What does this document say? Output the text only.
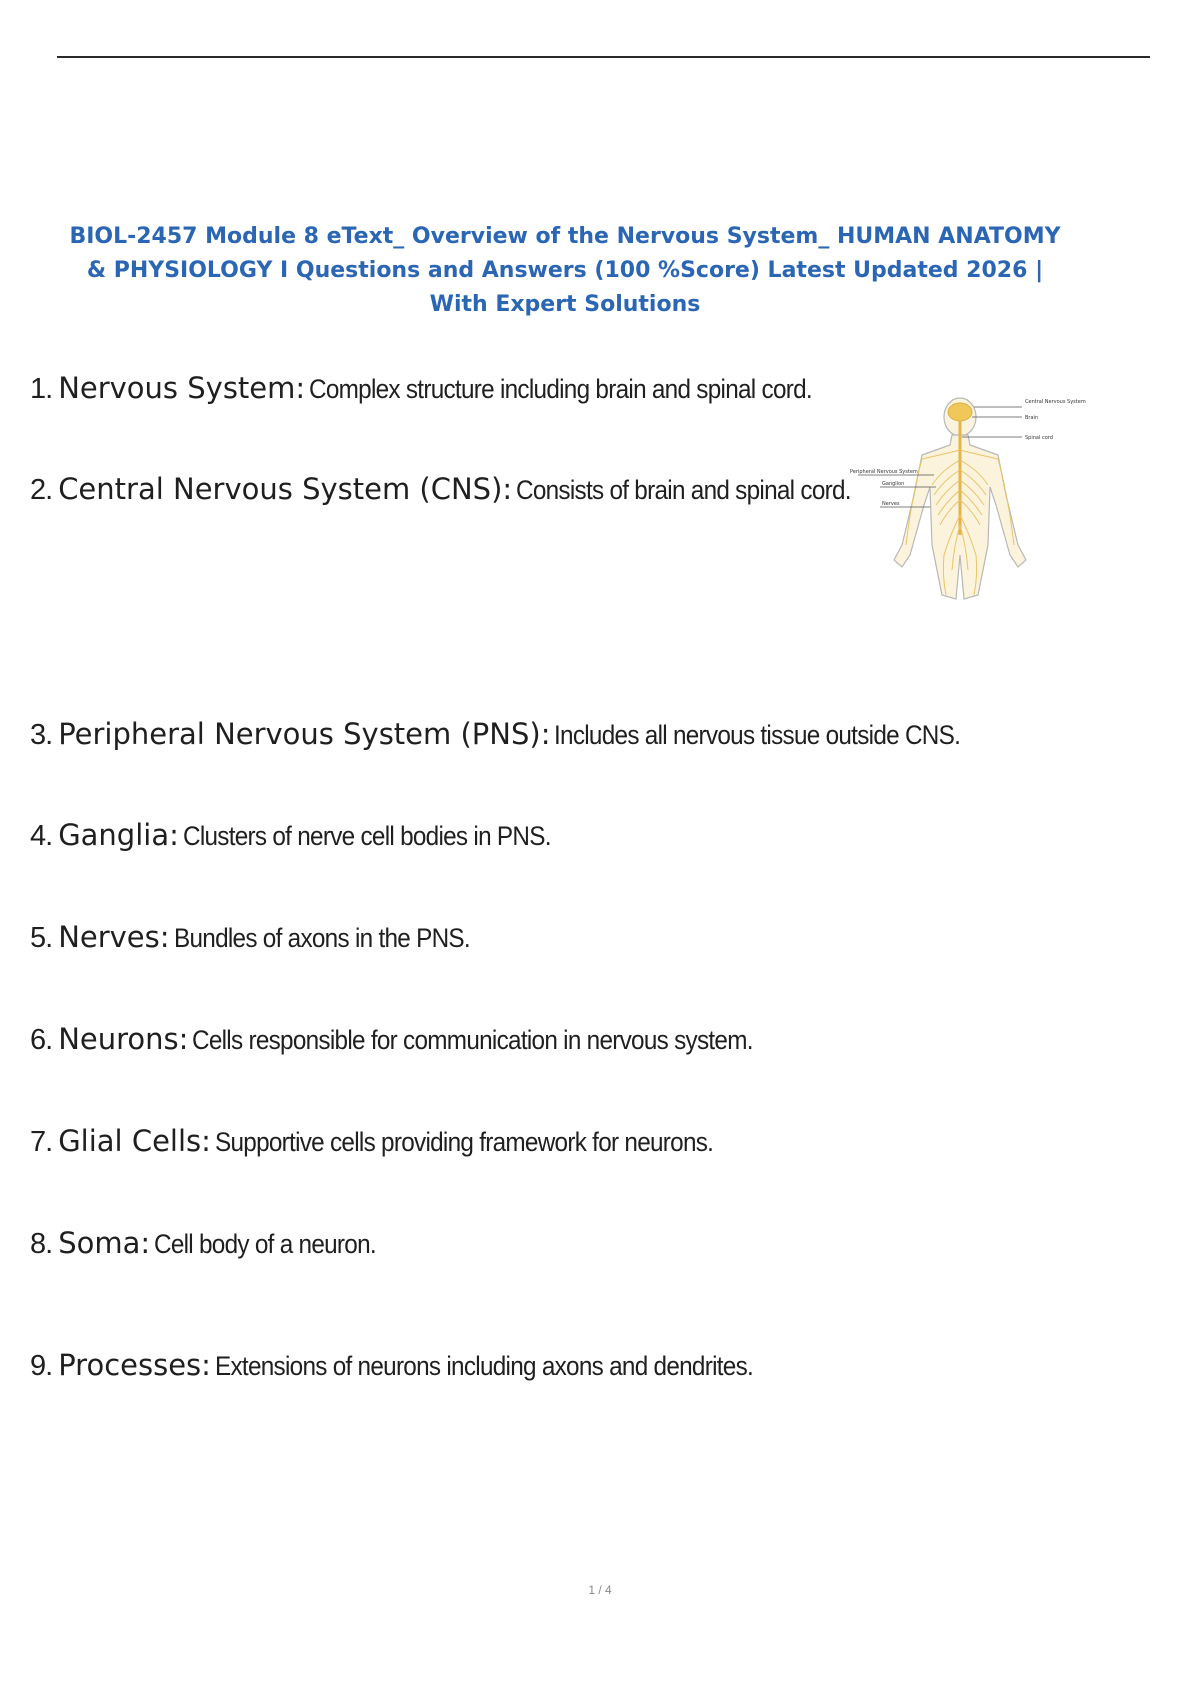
BIOL-2457 Module 8 eText_ Overview of the Nervous System_ HUMAN ANATOMY
& PHYSIOLOGY I Questions and Answers (100 %Score) Latest Updated 2026 |
With Expert Solutions
1. Nervous System: Complex structure including brain and spinal cord.
2. Central Nervous System (CNS): Consists of brain and spinal cord.
3. Peripheral Nervous System (PNS): Includes all nervous tissue outside CNS.
4. Ganglia: Clusters of nerve cell bodies in PNS.
5. Nerves: Bundles of axons in the PNS.
6. Neurons: Cells responsible for communication in nervous system.
7. Glial Cells: Supportive cells providing framework for neurons.
8. Soma: Cell body of a neuron.
9. Processes: Extensions of neurons including axons and dendrites.
Central Nervous System
Brain
Spinal cord
Peripheral Nervous System
Ganglion
Nerves
1 / 4
